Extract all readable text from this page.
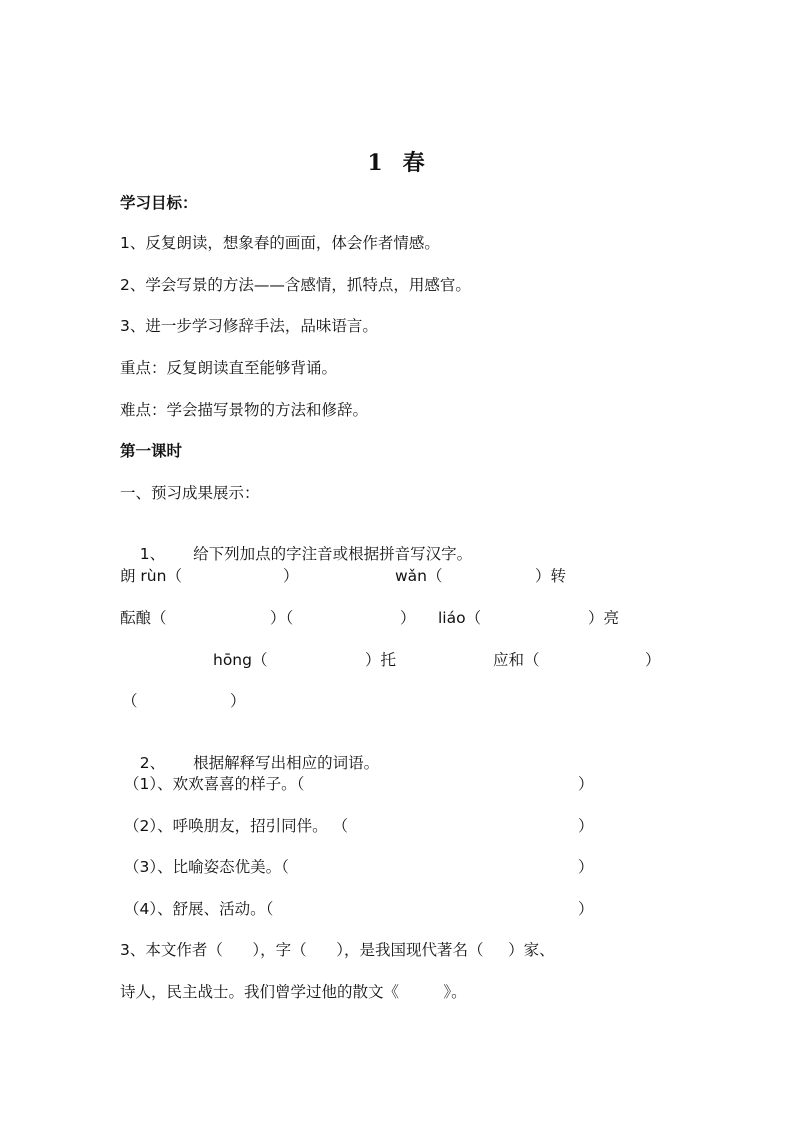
1 春
学习目标：
1、反复朗读，想象春的画面，体会作者情感。
2、学会写景的方法——含感情，抓特点，用感官。
3、进一步学习修辞手法，品味语言。
重点：反复朗读直至能够背诵。
难点：学会描写景物的方法和修辞。
第一课时
一、预习成果展示：

1、 给下列加点的字注音或根据拼音写汉字。

朗 rùn（	）	wǎn（	）转
酝酿（	）（	） liáo（	）亮
hōng（	）托	应和（	）
（	）

2、 根据解释写出相应的词语。

（1）、欢欢喜喜的样子。（	）
（2）、呼唤朋友，招引同伴。 （	）
（3）、比喻姿态优美。（	）
（4）、舒展、活动。（	）
3、本文作者（      ），字（      ），是我国现代著名（     ）家、
诗人，民主战士。我们曾学过他的散文《         》。
